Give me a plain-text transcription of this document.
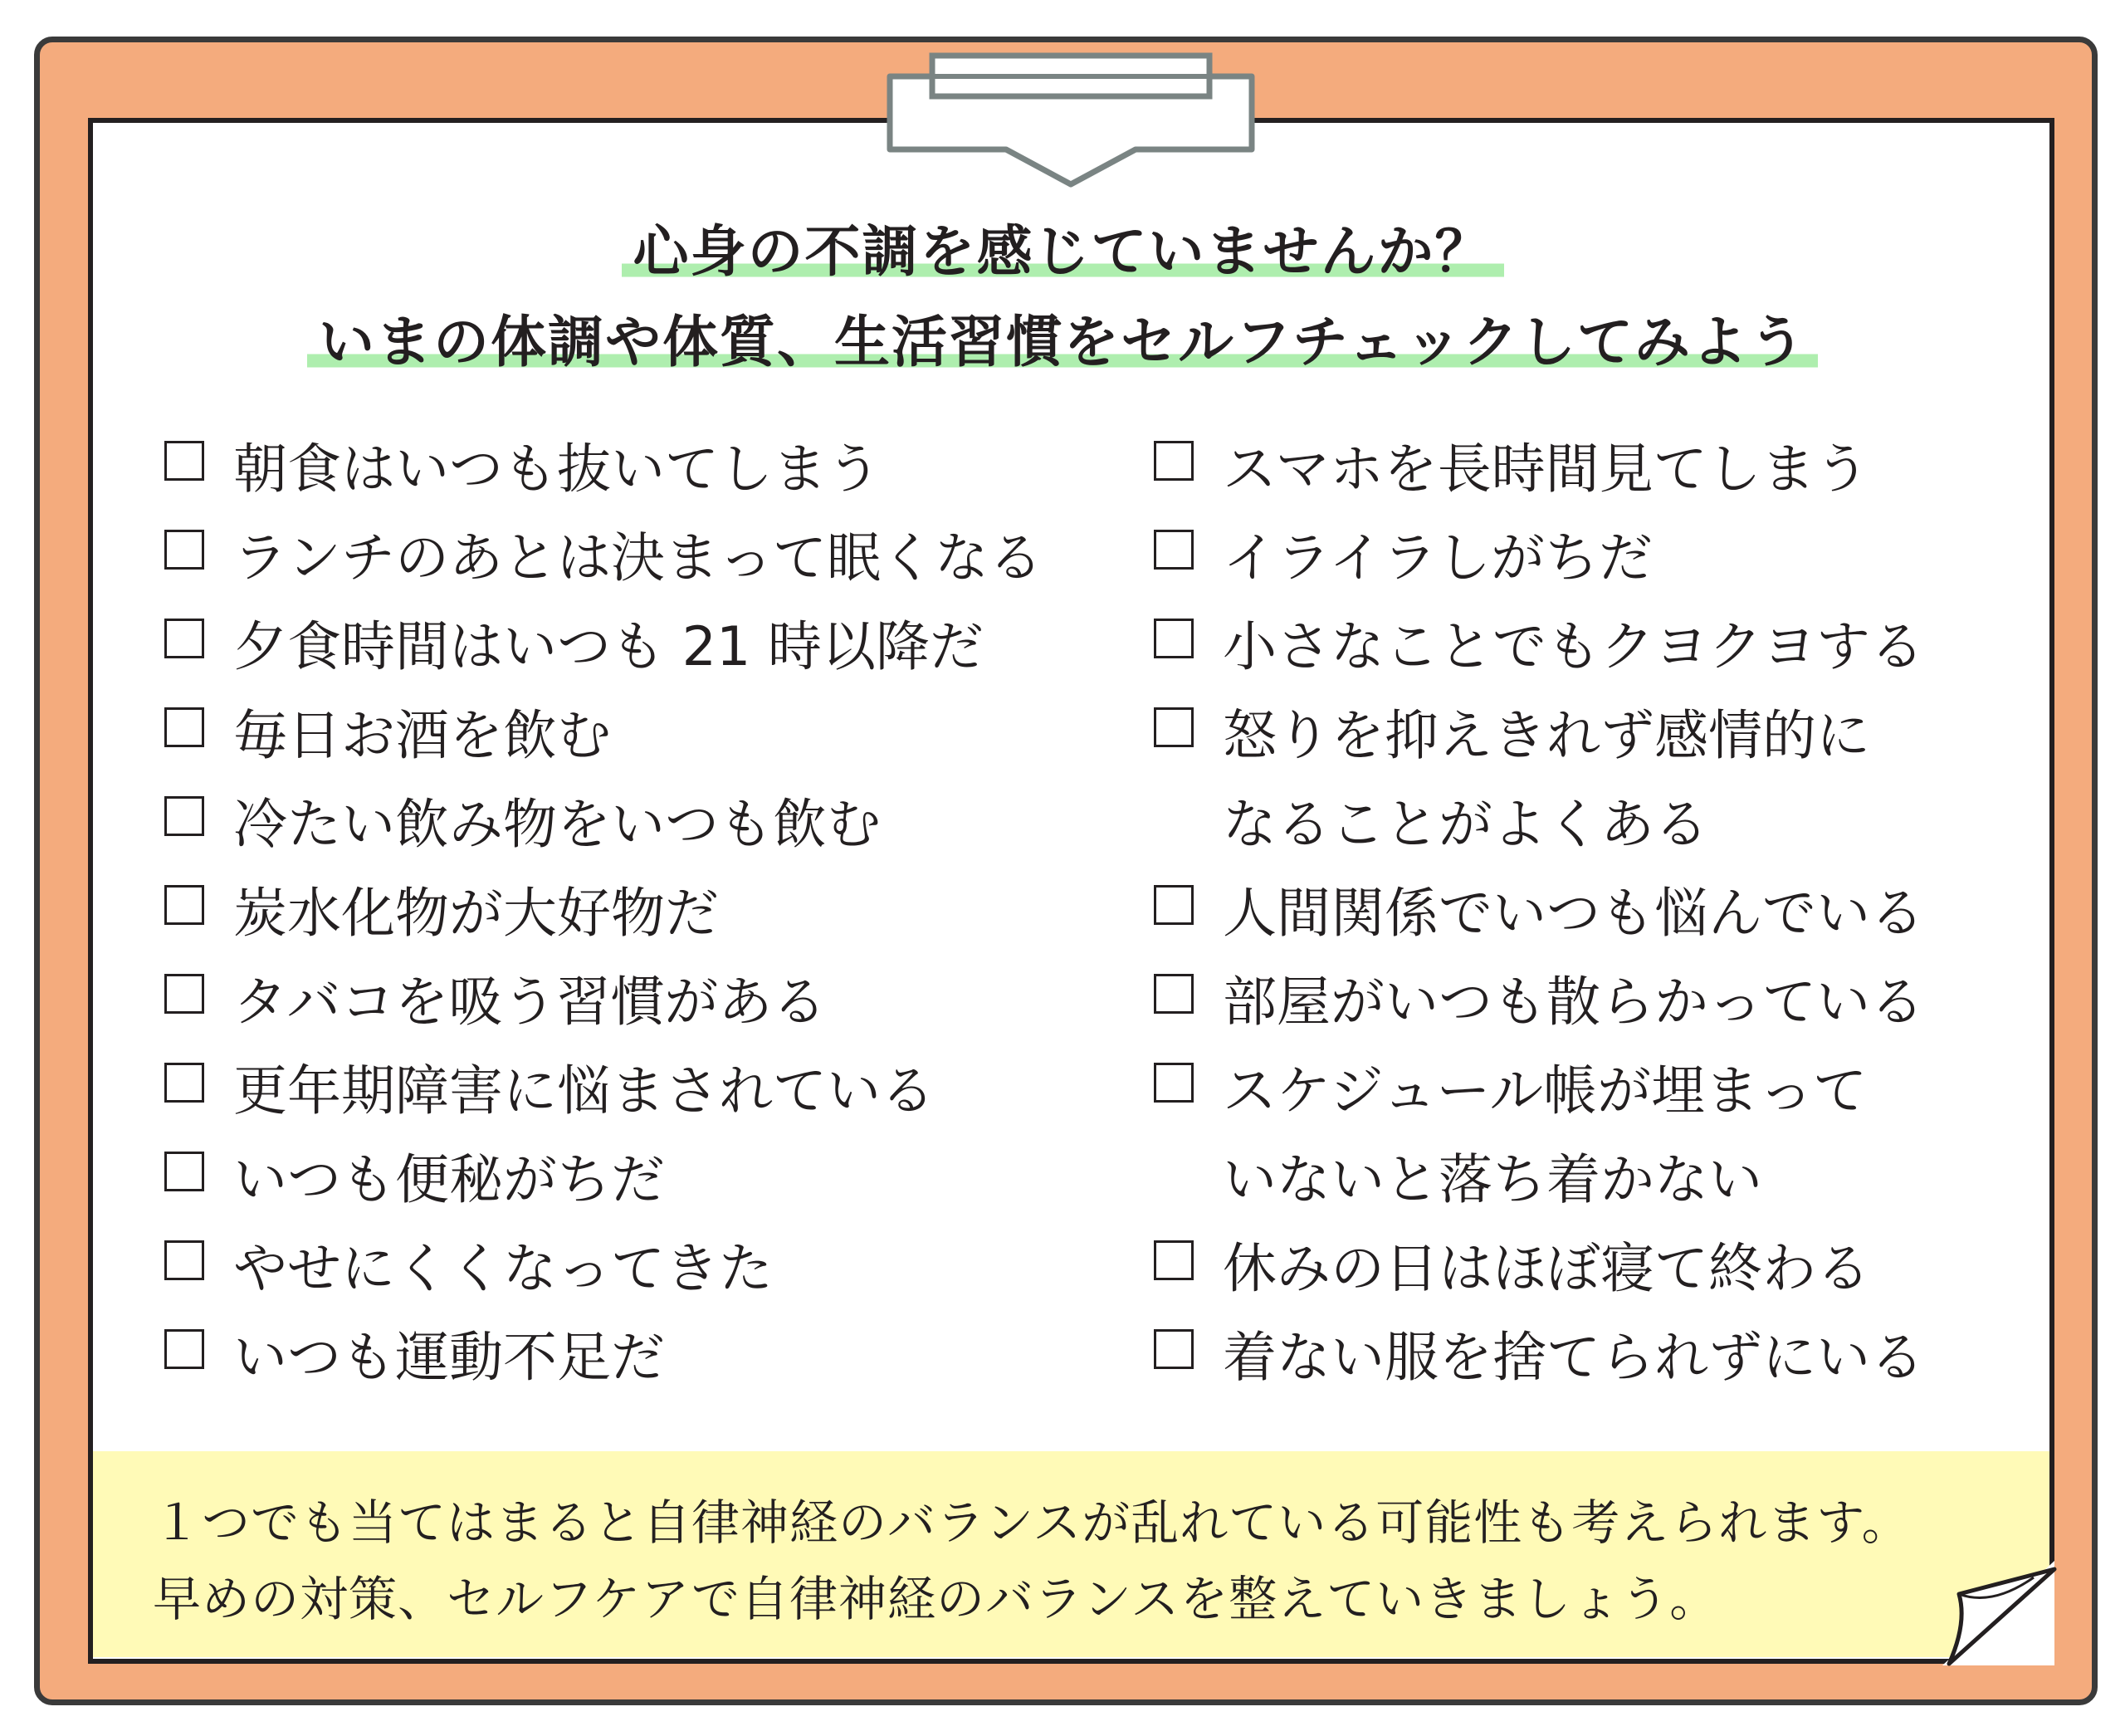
心身の不調を感じていませんか？
いまの体調や体質、生活習慣をセルフチェックしてみよう
朝食はいつも抜いてしまう
ランチのあとは決まって眠くなる
夕食時間はいつも 21 時以降だ
毎日お酒を飲む
冷たい飲み物をいつも飲む
炭水化物が大好物だ
タバコを吸う習慣がある
更年期障害に悩まされている
いつも便秘がちだ
やせにくくなってきた
いつも運動不足だ
スマホを長時間見てしまう
イライラしがちだ
小さなことでもクヨクヨする
怒りを抑えきれず感情的に
なることがよくある
人間関係でいつも悩んでいる
部屋がいつも散らかっている
スケジュール帳が埋まって
いないと落ち着かない
休みの日はほぼ寝て終わる
着ない服を捨てられずにいる

１つでも当てはまると自律神経のバランスが乱れている可能性も考えられます。
早めの対策、セルフケアで自律神経のバランスを整えていきましょう。
